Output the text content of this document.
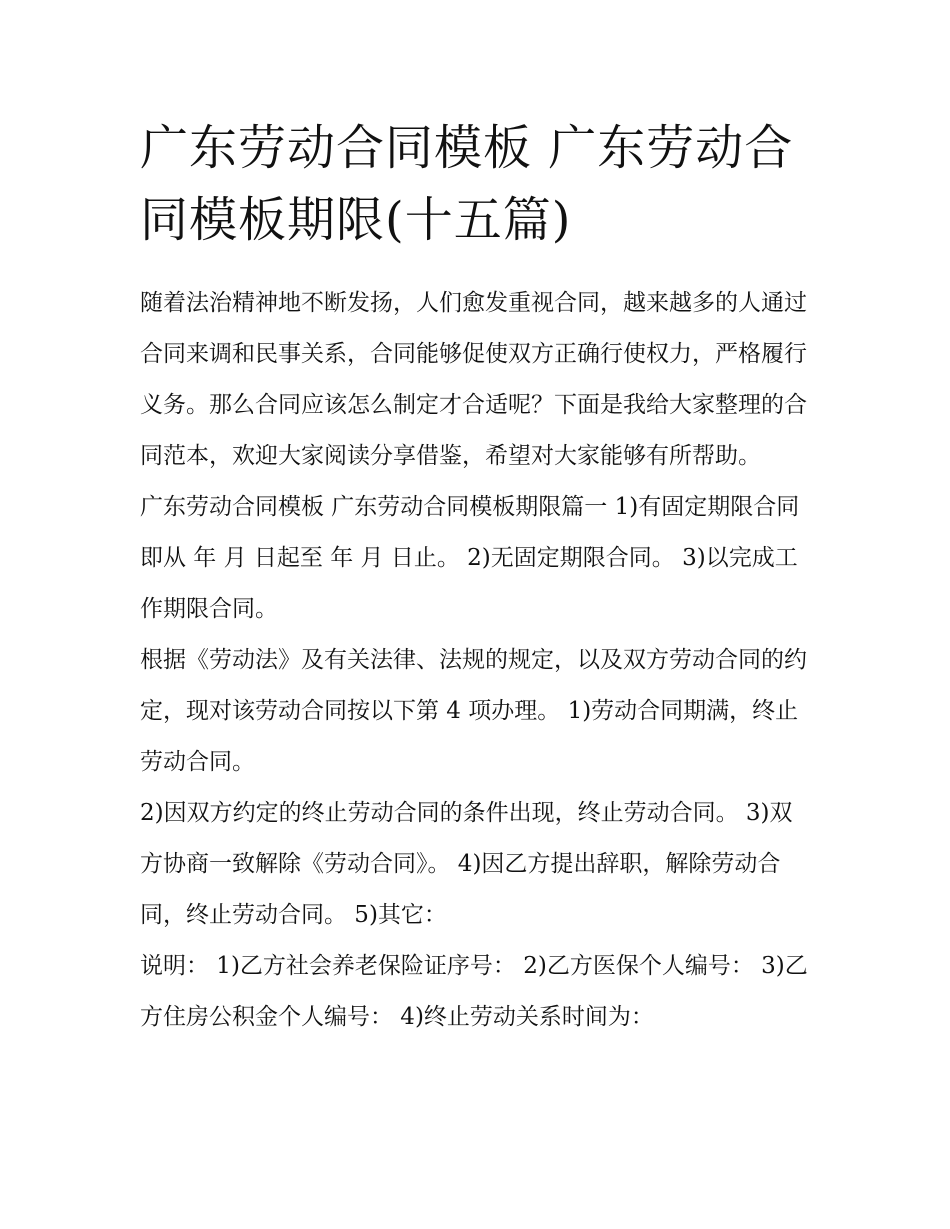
广东劳动合同模板 广东劳动合同模板期限(十五篇)

随着法治精神地不断发扬，人们愈发重视合同，越来越多的人通过合同来调和民事关系，合同能够促使双方正确行使权力，严格履行义务。那么合同应该怎么制定才合适呢？下面是我给大家整理的合同范本，欢迎大家阅读分享借鉴，希望对大家能够有所帮助。

广东劳动合同模板 广东劳动合同模板期限篇一 1)有固定期限合同即从 年 月 日起至 年 月 日止。 2)无固定期限合同。 3)以完成工作期限合同。

根据《劳动法》及有关法律、法规的规定，以及双方劳动合同的约定，现对该劳动合同按以下第 4 项办理。 1)劳动合同期满，终止劳动合同。

2)因双方约定的终止劳动合同的条件出现，终止劳动合同。 3)双方协商一致解除《劳动合同》。 4)因乙方提出辞职，解除劳动合同，终止劳动合同。 5)其它：

说明： 1)乙方社会养老保险证序号： 2)乙方医保个人编号： 3)乙方住房公积金个人编号： 4)终止劳动关系时间为：
